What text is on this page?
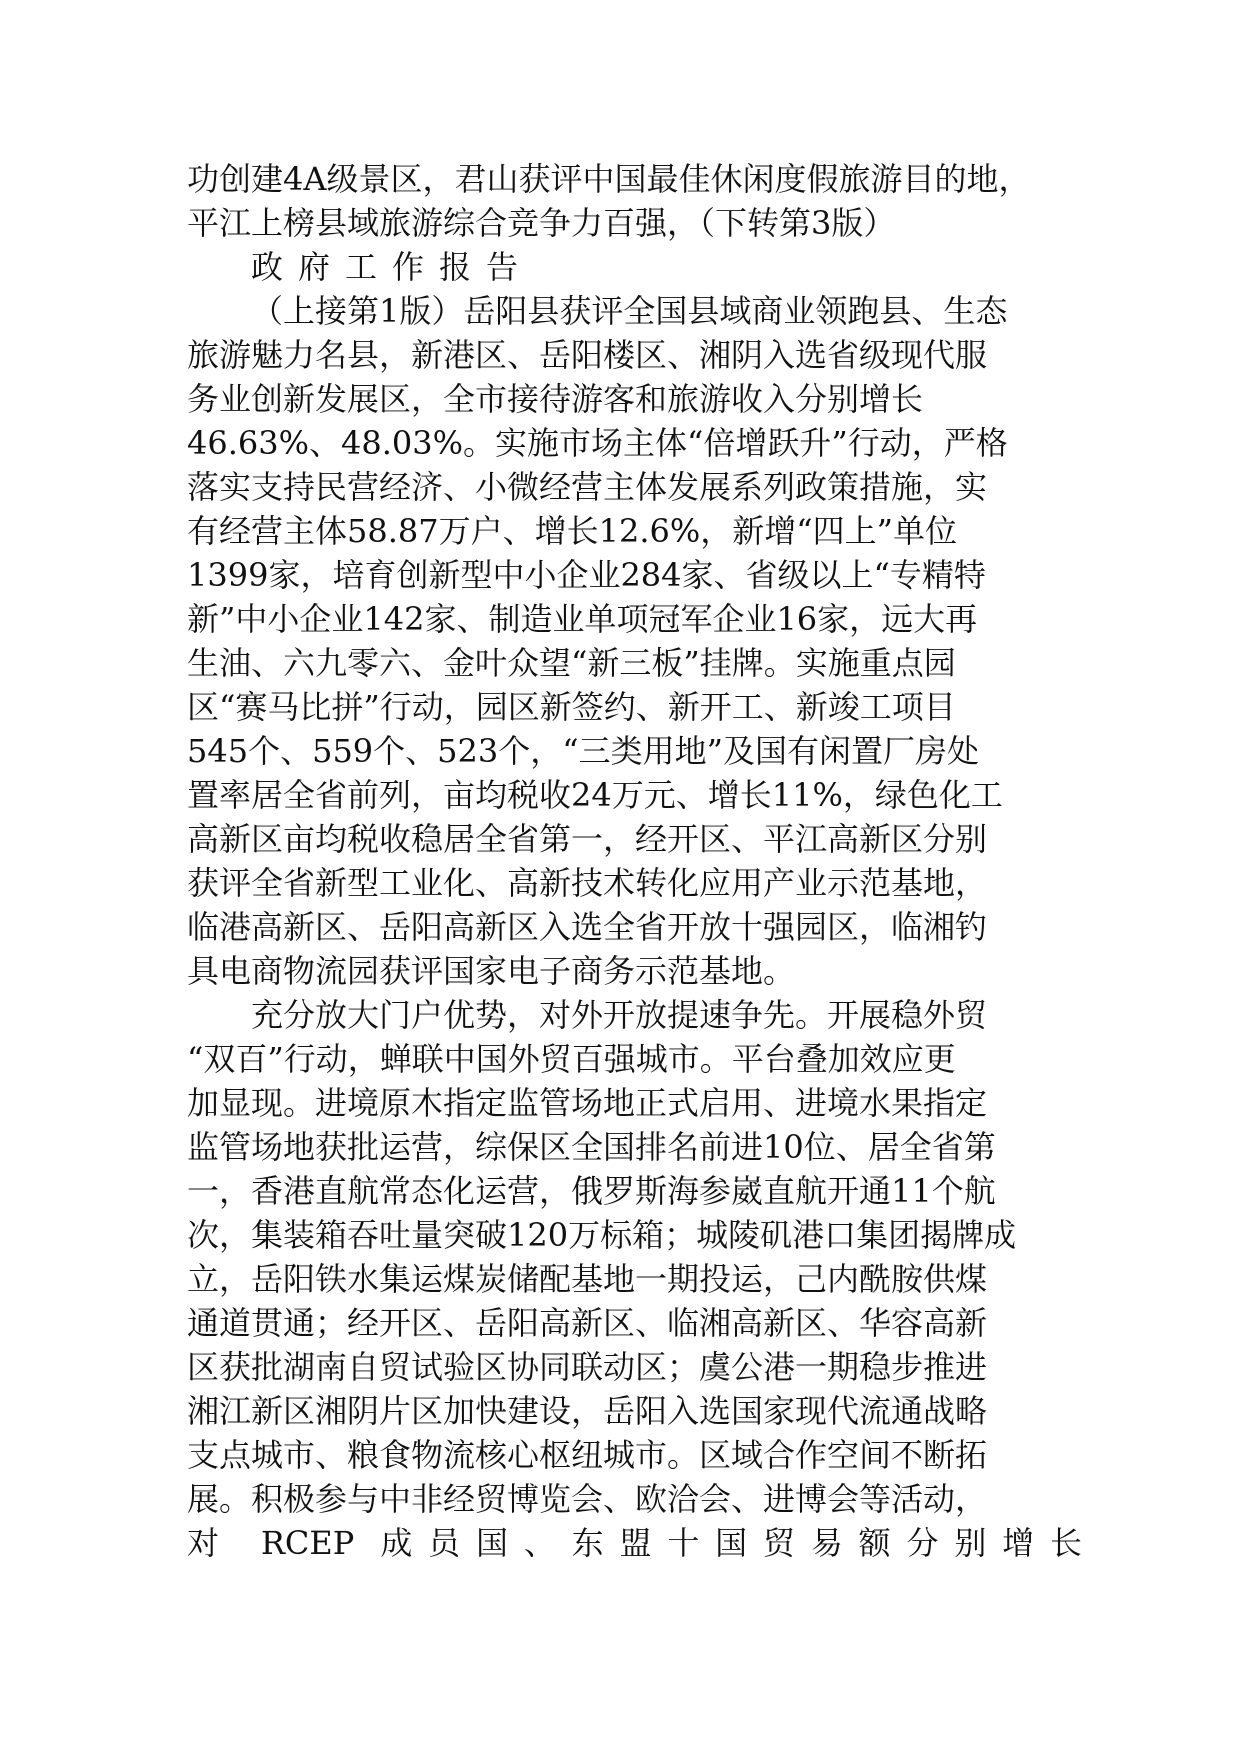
功创建4A级景区，君山获评中国最佳休闲度假旅游目的地，
平江上榜县域旅游综合竞争力百强，（下转第3版）
政府工作报告
（上接第1版）岳阳县获评全国县域商业领跑县、生态
旅游魅力名县，新港区、岳阳楼区、湘阴入选省级现代服
务业创新发展区，全市接待游客和旅游收入分别增长
46.63%、48.03%。实施市场主体“倍增跃升”行动，严格
落实支持民营经济、小微经营主体发展系列政策措施，实
有经营主体58.87万户、增长12.6%，新增“四上”单位
1399家，培育创新型中小企业284家、省级以上“专精特
新”中小企业142家、制造业单项冠军企业16家，远大再
生油、六九零六、金叶众望“新三板”挂牌。实施重点园
区“赛马比拼”行动，园区新签约、新开工、新竣工项目
545个、559个、523个，“三类用地”及国有闲置厂房处
置率居全省前列，亩均税收24万元、增长11%，绿色化工
高新区亩均税收稳居全省第一，经开区、平江高新区分别
获评全省新型工业化、高新技术转化应用产业示范基地，
临港高新区、岳阳高新区入选全省开放十强园区，临湘钓
具电商物流园获评国家电子商务示范基地。
充分放大门户优势，对外开放提速争先。开展稳外贸
“双百”行动，蝉联中国外贸百强城市。平台叠加效应更
加显现。进境原木指定监管场地正式启用、进境水果指定
监管场地获批运营，综保区全国排名前进10位、居全省第
一，香港直航常态化运营，俄罗斯海参崴直航开通11个航
次，集装箱吞吐量突破120万标箱；城陵矶港口集团揭牌成
立，岳阳铁水集运煤炭储配基地一期投运，己内酰胺供煤
通道贯通；经开区、岳阳高新区、临湘高新区、华容高新
区获批湖南自贸试验区协同联动区；虞公港一期稳步推进
湘江新区湘阴片区加快建设，岳阳入选国家现代流通战略
支点城市、粮食物流核心枢纽城市。区域合作空间不断拓
展。积极参与中非经贸博览会、欧洽会、进博会等活动，
对 RCEP 成员国、东盟十国贸易额分别增长
